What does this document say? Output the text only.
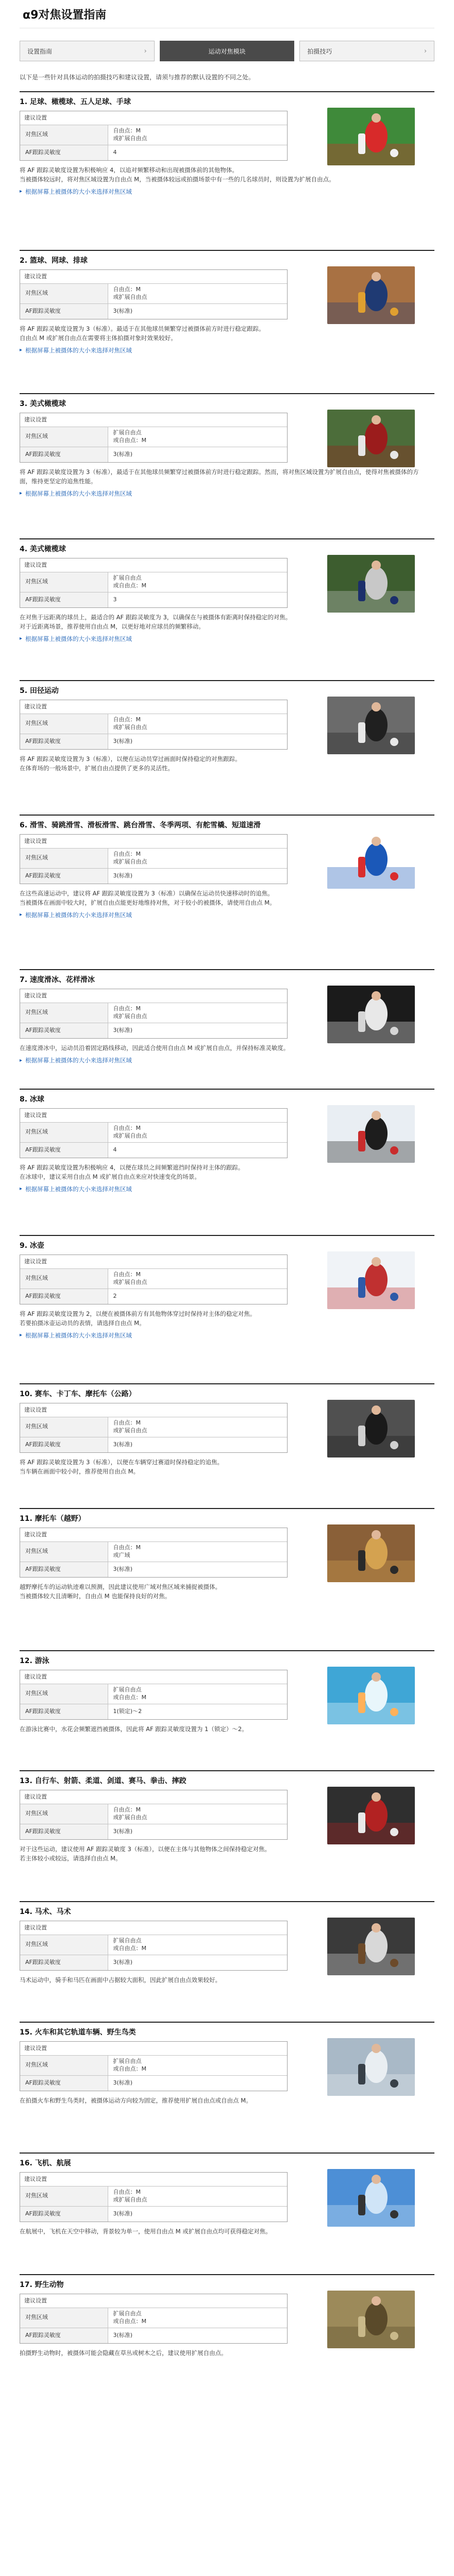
α9对焦设置指南
设置指南	›	运动对焦模块	拍摄技巧	›

以下是一些针对具体运动的拍摄技巧和建议设置，请须与推荐的默认设置的不同之处。

1. 足球、橄榄球、五人足球、手球
建议设置
对焦区域	自由点：M
或扩展自由点
AF跟踪灵敏度	4

将 AF 跟踪灵敏度设置为积极响应 4，以追对频繁移动和出现被摄体前的其他物体。
当被摄体较远时，将对焦区域设置为自由点 M，当被摄体较远或拍摄场景中有一些的几名球员时，则设置为扩展自由点。

▸ 根据屏幕上被摄体的大小来选择对焦区域
2. 篮球、网球、排球
建议设置
对焦区域	自由点：M
或扩展自由点
AF跟踪灵敏度	3(标准)

将 AF 跟踪灵敏度设置为 3（标准）。最适于在其他球员频繁穿过被摄体前方时进行稳定跟踪。
自由点 M 或扩展自由点在需要将主体拍摄对象时效果较好。

▸ 根据屏幕上被摄体的大小来选择对焦区域
3. 美式橄榄球
建议设置
对焦区域	扩展自由点
或自由点：M
AF跟踪灵敏度	3(标准)

将 AF 跟踪灵敏度设置为 3（标准），最适于在其他球员频繁穿过被摄体前方时进行稳定跟踪。然而，将对焦区域设置为扩展自由点，使得对焦被摄体的方面，维持更坚定的追焦性能。

▸ 根据屏幕上被摄体的大小来选择对焦区域
4. 美式橄榄球
建议设置
对焦区域	扩展自由点
或自由点：M
AF跟踪灵敏度	3

在对焦于远距离的球员上，最适合的 AF 跟踪灵敏度为 3，以确保在与被摄体有距离时保持稳定的对焦。
对于近距离场景，推荐使用自由点 M，以更好地对应球员的频繁移动。

▸ 根据屏幕上被摄体的大小来选择对焦区域
5. 田径运动
建议设置
对焦区域	自由点：M
或扩展自由点
AF跟踪灵敏度	3(标准)

将 AF 跟踪灵敏度设置为 3（标准），以便在运动员穿过画面时保持稳定的对焦跟踪。
在体育场的一般场景中，扩展自由点提供了更多的灵活性。

6. 滑雪、骑跳滑雪、滑板滑雪、跳台滑雪、冬季两项、有舵雪橇、短道速滑
建议设置
对焦区域	自由点：M
或扩展自由点
AF跟踪灵敏度	3(标准)

在这些高速运动中，建议将 AF 跟踪灵敏度设置为 3（标准）以确保在运动员快速移动时的追焦。
当被摄体在画面中较大时，扩展自由点能更好地维持对焦，对于较小的被摄体，请使用自由点 M。

▸ 根据屏幕上被摄体的大小来选择对焦区域
7. 速度滑冰、花样滑冰
建议设置
对焦区域	自由点：M
或扩展自由点
AF跟踪灵敏度	3(标准)

在速度滑冰中，运动员沿着固定路线移动，因此适合使用自由点 M 或扩展自由点，并保持标准灵敏度。

▸ 根据屏幕上被摄体的大小来选择对焦区域
8. 冰球
建议设置
对焦区域	自由点：M
或扩展自由点
AF跟踪灵敏度	4

将 AF 跟踪灵敏度设置为积极响应 4，以便在球员之间频繁遮挡时保持对主体的跟踪。
在冰球中，建议采用自由点 M 或扩展自由点来应对快速变化的场景。

▸ 根据屏幕上被摄体的大小来选择对焦区域
9. 冰壶
建议设置
对焦区域	自由点：M
或扩展自由点
AF跟踪灵敏度	2

将 AF 跟踪灵敏度设置为 2，以便在被摄体前方有其他物体穿过时保持对主体的稳定对焦。
若要拍摄冰壶运动员的表情，请选择自由点 M。

▸ 根据屏幕上被摄体的大小来选择对焦区域
10. 赛车、卡丁车、摩托车（公路）
建议设置
对焦区域	自由点：M
或扩展自由点
AF跟踪灵敏度	3(标准)

将 AF 跟踪灵敏度设置为 3（标准），以便在车辆穿过赛道时保持稳定的追焦。
当车辆在画面中较小时，推荐使用自由点 M。

11. 摩托车（越野）
建议设置
对焦区域	自由点：M
或广域
AF跟踪灵敏度	3(标准)

越野摩托车的运动轨迹难以预测，因此建议使用广域对焦区域来捕捉被摄体。
当被摄体较大且清晰时，自由点 M 也能保持良好的对焦。

12. 游泳
建议设置
对焦区域	扩展自由点
或自由点：M
AF跟踪灵敏度	1(锁定)～2

在游泳比赛中，水花会频繁遮挡被摄体，因此将 AF 跟踪灵敏度设置为 1（锁定）～2。

13. 自行车、射箭、柔道、剑道、赛马、拳击、摔跤
建议设置
对焦区域	自由点：M
或扩展自由点
AF跟踪灵敏度	3(标准)

对于这些运动，建议使用 AF 跟踪灵敏度 3（标准），以便在主体与其他物体之间保持稳定对焦。
若主体较小或较远，请选择自由点 M。

14. 马术、马术
建议设置
对焦区域	扩展自由点
或自由点：M
AF跟踪灵敏度	3(标准)

马术运动中，骑手和马匹在画面中占据较大面积，因此扩展自由点效果较好。

15. 火车和其它轨道车辆、野生鸟类
建议设置
对焦区域	扩展自由点
或自由点：M
AF跟踪灵敏度	3(标准)

在拍摄火车和野生鸟类时，被摄体运动方向较为固定，推荐使用扩展自由点或自由点 M。

16. 飞机、航展
建议设置
对焦区域	自由点：M
或扩展自由点
AF跟踪灵敏度	3(标准)

在航展中，飞机在天空中移动，背景较为单一，使用自由点 M 或扩展自由点均可获得稳定对焦。

17. 野生动物
建议设置
对焦区域	扩展自由点
或自由点：M
AF跟踪灵敏度	3(标准)

拍摄野生动物时，被摄体可能会隐藏在草丛或树木之后，建议使用扩展自由点。
